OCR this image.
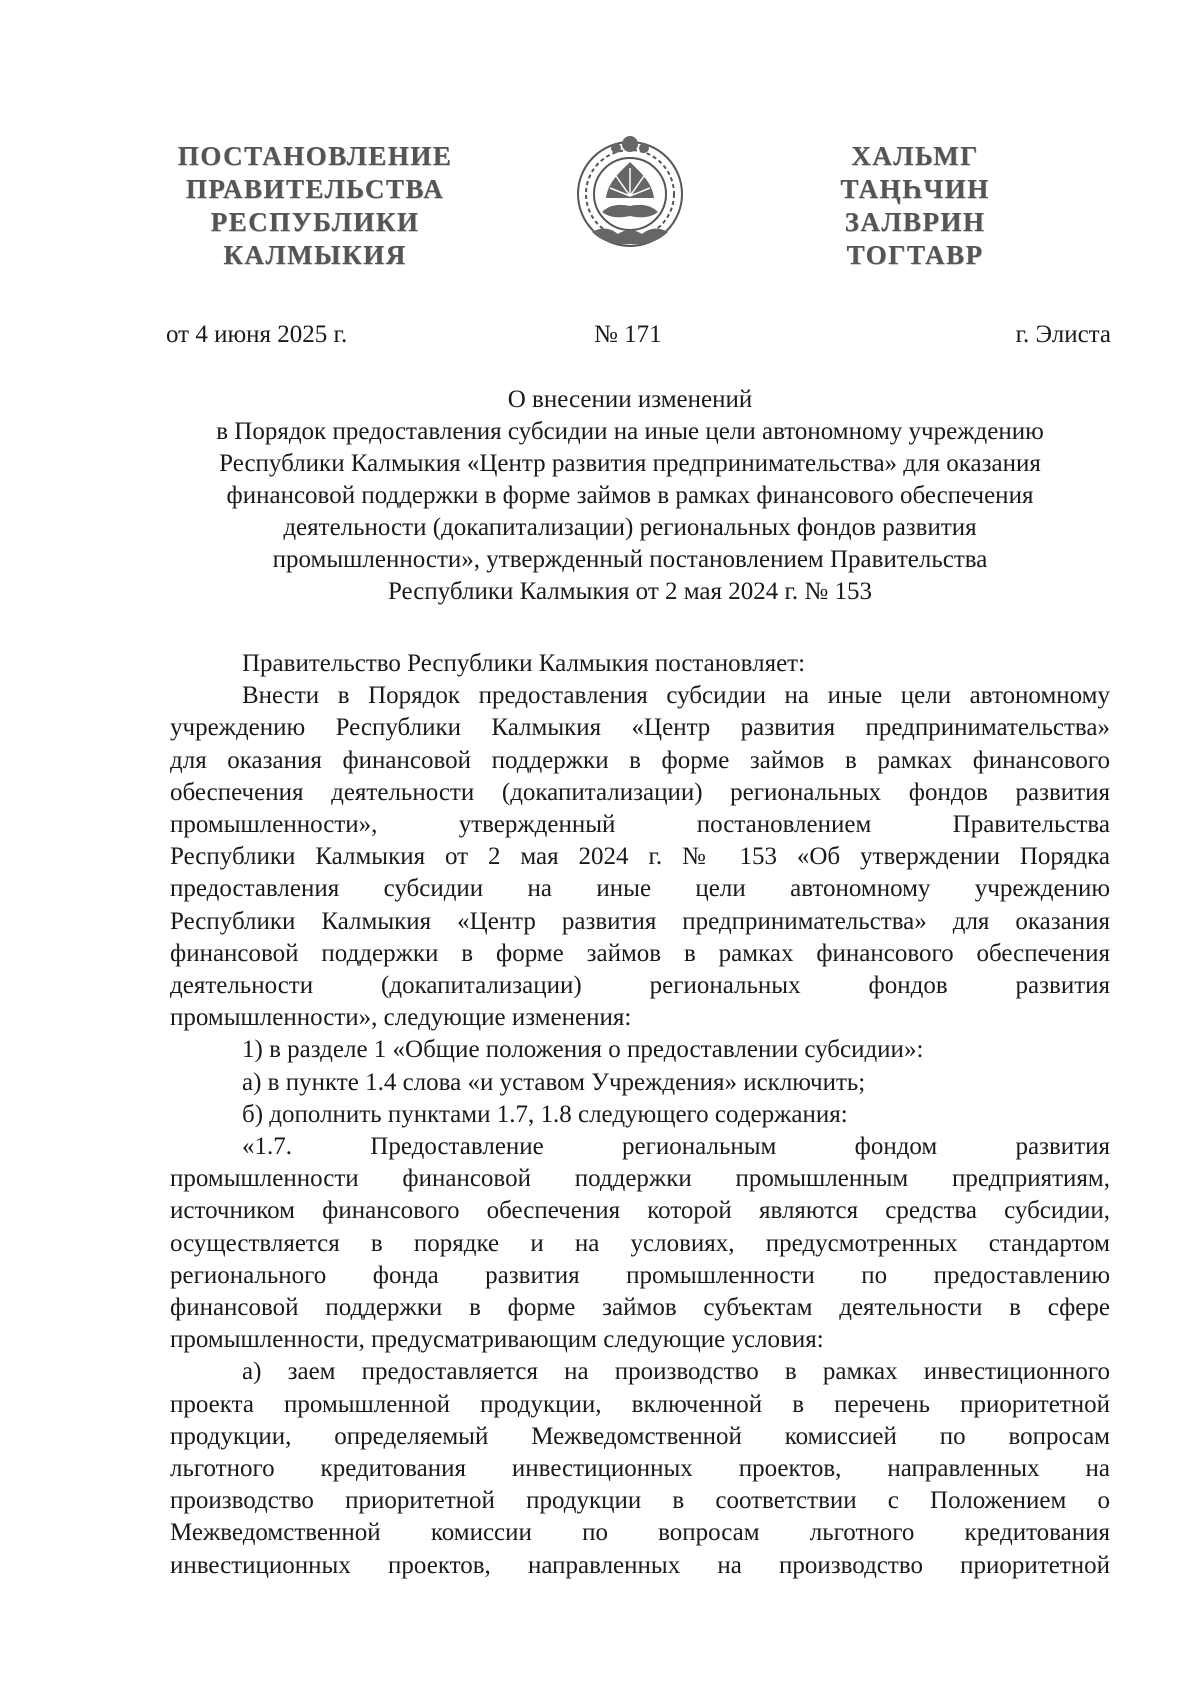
ПОСТАНОВЛЕНИЕ
ПРАВИТЕЛЬСТВА
РЕСПУБЛИКИ
КАЛМЫКИЯ
ХАЛЬМГ
ТАҢҺЧИН
ЗАЛВРИН
ТОГТАВР
от 4 июня 2025 г.	№ 171	г. Элиста
О внесении изменений
в Порядок предоставления субсидии на иные цели автономному учреждению
Республики Калмыкия «Центр развития предпринимательства» для оказания
финансовой поддержки в форме займов в рамках финансового обеспечения
деятельности (докапитализации) региональных фондов развития
промышленности», утвержденный постановлением Правительства
Республики Калмыкия от 2 мая 2024 г. № 153
Правительство Республики Калмыкия постановляет:
Внести в Порядок предоставления субсидии на иные цели автономному
учреждению Республики Калмыкия «Центр развития предпринимательства»
для оказания финансовой поддержки в форме займов в рамках финансового
обеспечения деятельности (докапитализации) региональных фондов развития
промышленности», утвержденный постановлением Правительства
Республики Калмыкия от 2 мая 2024 г. № 153 «Об утверждении Порядка
предоставления субсидии на иные цели автономному учреждению
Республики Калмыкия «Центр развития предпринимательства» для оказания
финансовой поддержки в форме займов в рамках финансового обеспечения
деятельности (докапитализации) региональных фондов развития
промышленности», следующие изменения:
1) в разделе 1 «Общие положения о предоставлении субсидии»:
а) в пункте 1.4 слова «и уставом Учреждения» исключить;
б) дополнить пунктами 1.7, 1.8 следующего содержания:
«1.7. Предоставление региональным фондом развития
промышленности финансовой поддержки промышленным предприятиям,
источником финансового обеспечения которой являются средства субсидии,
осуществляется в порядке и на условиях, предусмотренных стандартом
регионального фонда развития промышленности по предоставлению
финансовой поддержки в форме займов субъектам деятельности в сфере
промышленности, предусматривающим следующие условия:
а) заем предоставляется на производство в рамках инвестиционного
проекта промышленной продукции, включенной в перечень приоритетной
продукции, определяемый Межведомственной комиссией по вопросам
льготного кредитования инвестиционных проектов, направленных на
производство приоритетной продукции в соответствии с Положением о
Межведомственной комиссии по вопросам льготного кредитования
инвестиционных проектов, направленных на производство приоритетной
